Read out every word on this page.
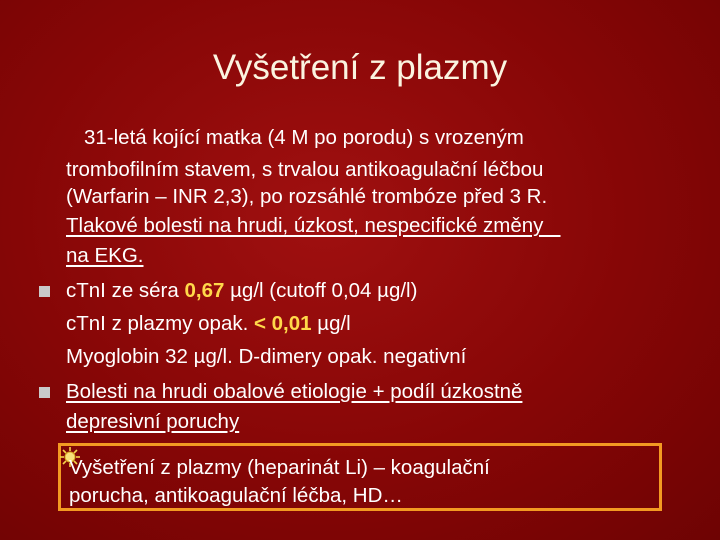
Vyšetření z plazmy
31-letá kojící matka (4 M po porodu) s vrozeným
trombofilním stavem, s trvalou antikoagulační léčbou
(Warfarin – INR 2,3), po rozsáhlé trombóze před 3 R.
Tlakové bolesti na hrudi, úzkost, nespecifické změny
na EKG.
cTnI ze séra 0,67 µg/l (cutoff 0,04 µg/l)
cTnI z plazmy opak. < 0,01 µg/l
Myoglobin 32 µg/l. D-dimery opak. negativní
Bolesti na hrudi obalové etiologie + podíl úzkostně
depresivní poruchy
Vyšetření z plazmy (heparinát Li) – koagulační
porucha, antikoagulační léčba, HD…
